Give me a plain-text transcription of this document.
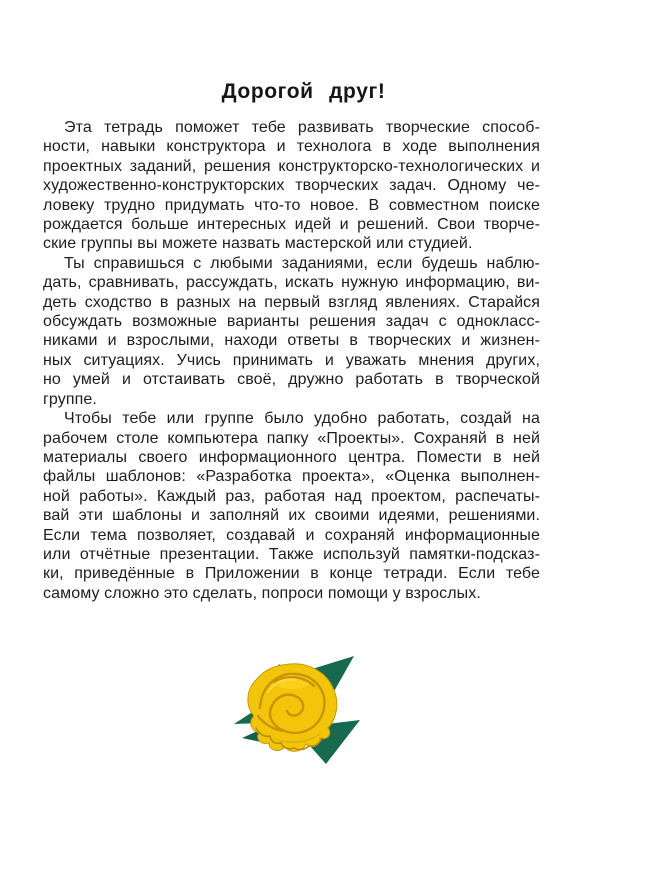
Дорогой друг!
Эта тетрадь поможет тебе развивать творческие способ-
ности, навыки конструктора и технолога в ходе выполнения
проектных заданий, решения конструкторско-технологических и
художественно-конструкторских творческих задач. Одному че-
ловеку трудно придумать что-то новое. В совместном поиске
рождается больше интересных идей и решений. Свои творче-
ские группы вы можете назвать мастерской или студией.
Ты справишься с любыми заданиями, если будешь наблю-
дать, сравнивать, рассуждать, искать нужную информацию, ви-
деть сходство в разных на первый взгляд явлениях. Старайся
обсуждать возможные варианты решения задач с однокласс-
никами и взрослыми, находи ответы в творческих и жизнен-
ных ситуациях. Учись принимать и уважать мнения других,
но умей и отстаивать своё, дружно работать в творческой
группе.
Чтобы тебе или группе было удобно работать, создай на
рабочем столе компьютера папку «Проекты». Сохраняй в ней
материалы своего информационного центра. Помести в ней
файлы шаблонов: «Разработка проекта», «Оценка выполнен-
ной работы». Каждый раз, работая над проектом, распечаты-
вай эти шаблоны и заполняй их своими идеями, решениями.
Если тема позволяет, создавай и сохраняй информационные
или отчётные презентации. Также используй памятки-подсказ-
ки, приведённые в Приложении в конце тетради. Если тебе
самому сложно это сделать, попроси помощи у взрослых.
